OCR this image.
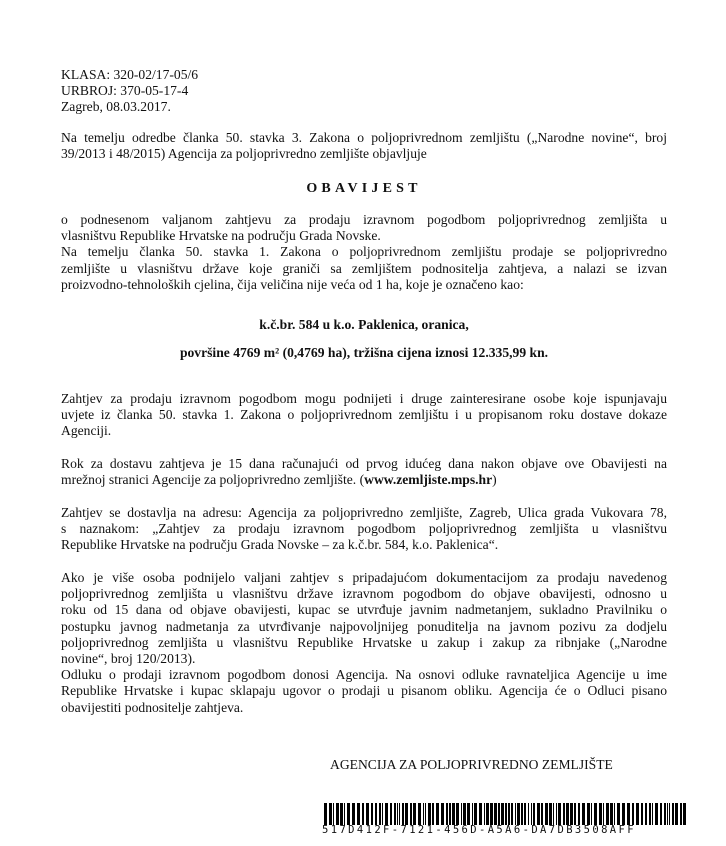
KLASA: 320-02/17-05/6
URBROJ: 370-05-17-4
Zagreb, 08.03.2017.
Na temelju odredbe članka 50. stavka 3. Zakona o poljoprivrednom zemljištu („Narodne novine“, broj
39/2013 i 48/2015) Agencija za poljoprivredno zemljište objavljuje
OBAVIJEST
o podnesenom valjanom zahtjevu za prodaju izravnom pogodbom poljoprivrednog zemljišta u
vlasništvu Republike Hrvatske na području Grada Novske.
Na temelju članka 50. stavka 1. Zakona o poljoprivrednom zemljištu prodaje se poljoprivredno
zemljište u vlasništvu države koje graniči sa zemljištem podnositelja zahtjeva, a nalazi se izvan
proizvodno-tehnoloških cjelina, čija veličina nije veća od 1 ha, koje je označeno kao:
k.č.br. 584 u k.o. Paklenica, oranica,
površine 4769 m² (0,4769 ha), tržišna cijena iznosi 12.335,99 kn.
Zahtjev za prodaju izravnom pogodbom mogu podnijeti i druge zainteresirane osobe koje ispunjavaju
uvjete iz članka 50. stavka 1. Zakona o poljoprivrednom zemljištu i u propisanom roku dostave dokaze
Agenciji.
Rok za dostavu zahtjeva je 15 dana računajući od prvog idućeg dana nakon objave ove Obavijesti na
mrežnoj stranici Agencije za poljoprivredno zemljište. (www.zemljiste.mps.hr)
Zahtjev se dostavlja na adresu: Agencija za poljoprivredno zemljište, Zagreb, Ulica grada Vukovara 78,
s naznakom: „Zahtjev za prodaju izravnom pogodbom poljoprivrednog zemljišta u vlasništvu
Republike Hrvatske na području Grada Novske – za k.č.br. 584, k.o. Paklenica“.
Ako je više osoba podnijelo valjani zahtjev s pripadajućom dokumentacijom za prodaju navedenog
poljoprivrednog zemljišta u vlasništvu države izravnom pogodbom do objave obavijesti, odnosno u
roku od 15 dana od objave obavijesti, kupac se utvrđuje javnim nadmetanjem, sukladno Pravilniku o
postupku javnog nadmetanja za utvrđivanje najpovoljnijeg ponuditelja na javnom pozivu za dodjelu
poljoprivrednog zemljišta u vlasništvu Republike Hrvatske u zakup i zakup za ribnjake („Narodne
novine“, broj 120/2013).
Odluku o prodaji izravnom pogodbom donosi Agencija. Na osnovi odluke ravnateljica Agencije u ime
Republike Hrvatske i kupac sklapaju ugovor o prodaji u pisanom obliku. Agencija će o Odluci pisano
obavijestiti podnositelje zahtjeva.
AGENCIJA ZA POLJOPRIVREDNO ZEMLJIŠTE
517D412F-7121-456D-A5A6-DA7DB3508AFF
